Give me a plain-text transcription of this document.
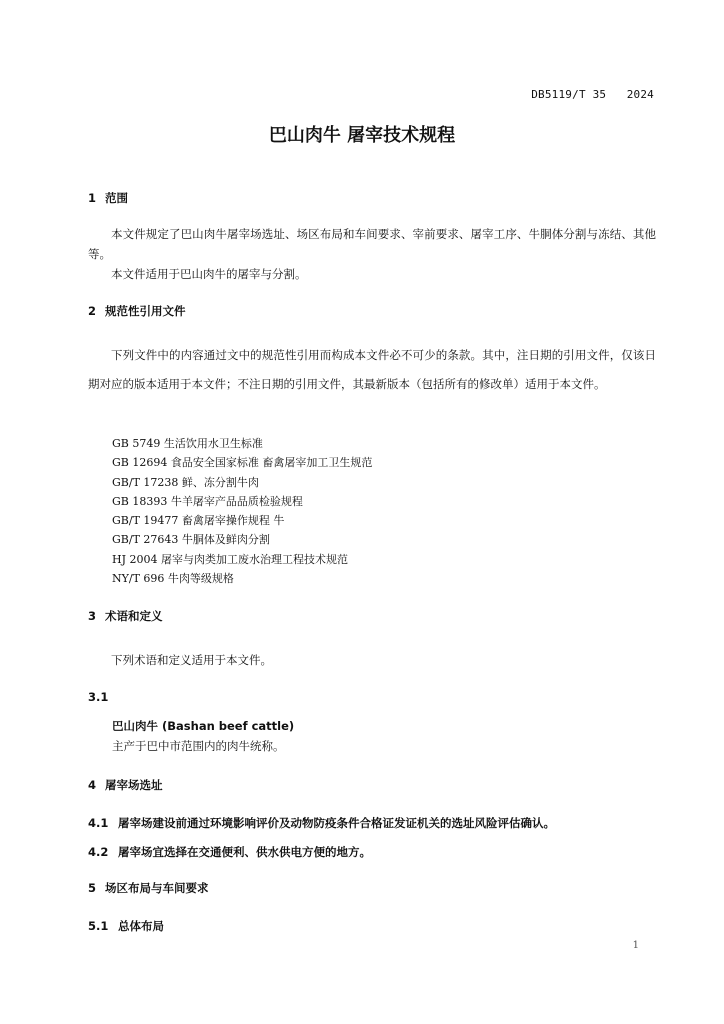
DB5119/T 35   2024
巴山肉牛 屠宰技术规程
1 范围

本文件规定了巴山肉牛屠宰场选址、场区布局和车间要求、宰前要求、屠宰工序、牛胴体分割与冻结、其他等。

本文件适用于巴山肉牛的屠宰与分割。

2 规范性引用文件

下列文件中的内容通过文中的规范性引用而构成本文件必不可少的条款。其中，注日期的引用文件，仅该日期对应的版本适用于本文件；不注日期的引用文件，其最新版本（包括所有的修改单）适用于本文件。

GB 5749 生活饮用水卫生标准
GB 12694 食品安全国家标准 畜禽屠宰加工卫生规范
GB/T 17238 鲜、冻分割牛肉
GB 18393 牛羊屠宰产品品质检验规程
GB/T 19477 畜禽屠宰操作规程 牛
GB/T 27643 牛胴体及鲜肉分割
HJ 2004 屠宰与肉类加工废水治理工程技术规范
NY/T 696 牛肉等级规格
3 术语和定义

下列术语和定义适用于本文件。

3.1
巴山肉牛 (Bashan beef cattle)
主产于巴中市范围内的肉牛统称。
4 屠宰场选址
4.1 屠宰场建设前通过环境影响评价及动物防疫条件合格证发证机关的选址风险评估确认。
4.2 屠宰场宜选择在交通便利、供水供电方便的地方。
5 场区布局与车间要求
5.1 总体布局
1
